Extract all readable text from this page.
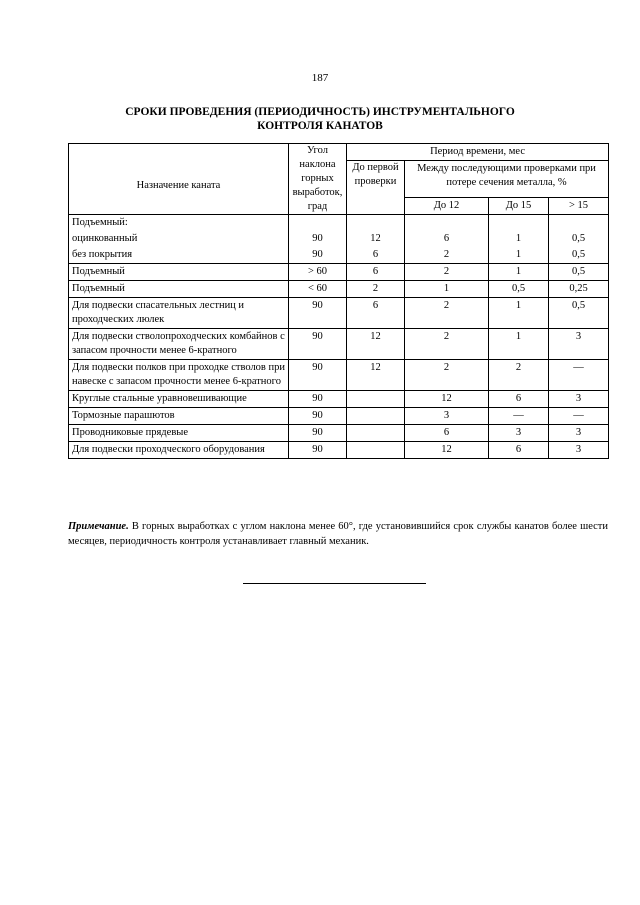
187
СРОКИ ПРОВЕДЕНИЯ (ПЕРИОДИЧНОСТЬ) ИНСТРУМЕНТАЛЬНОГО
КОНТРОЛЯ КАНАТОВ
Назначение каната	Угол наклона горных выработок, град	Период времени, мес			
		До первой проверки	Между последующими проверками при потере сечения металла, %		
			До 12	До 15	> 15
Подъемный:					
оцинкованный	90	12	6	1	0,5
без покрытия	90	6	2	1	0,5
Подъемный	> 60	6	2	1	0,5
Подъемный	< 60	2	1	0,5	0,25
Для подвески спасательных лестниц и проходческих люлек	90	6	2	1	0,5
Для подвески стволопроходческих комбайнов с запасом прочности менее 6-кратного	90	12	2	1	3
Для подвески полков при проходке стволов при навеске с запасом прочности менее 6-кратного	90	12	2	2	—
Круглые стальные уравновешивающие	90		12	6	3
Тормозные парашютов	90		3	—	—
Проводниковые прядевые	90		6	3	3
Для подвески проходческого оборудования	90		12	6	3
Примечание. В горных выработках с углом наклона менее 60°, где установившийся срок службы канатов более шести месяцев, периодичность контроля устанавливает главный механик.
